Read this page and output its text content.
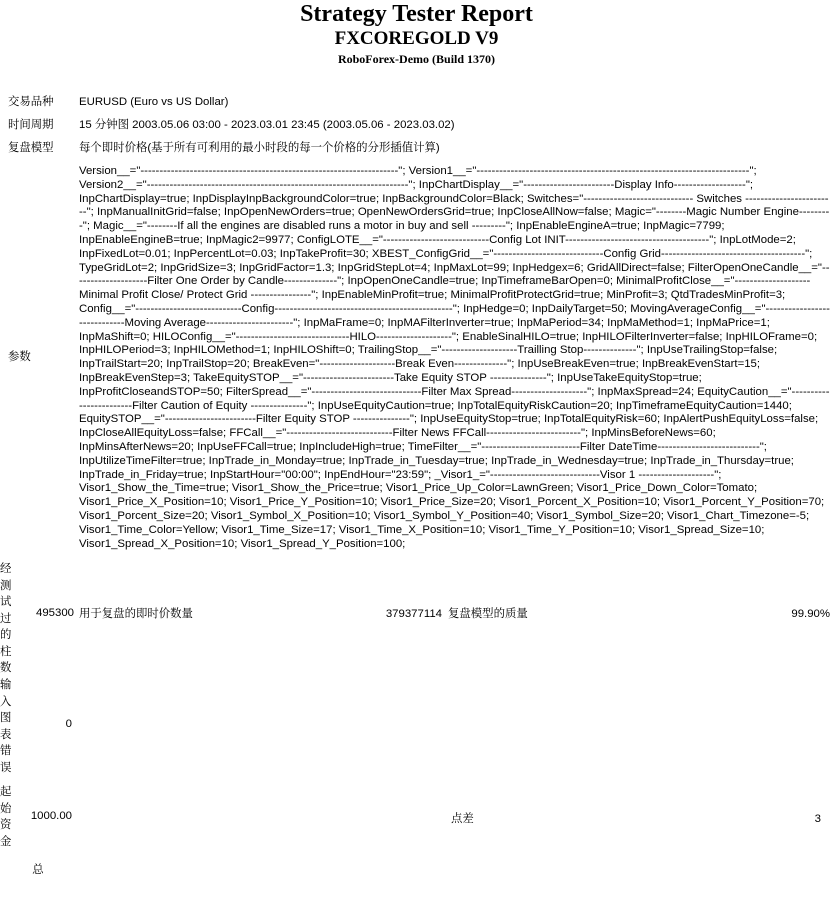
Strategy Tester Report
FXCOREGOLD V9
RoboForex-Demo (Build 1370)
交易品种	EURUSD (Euro vs US Dollar)			
时间周期	15 分钟图 2003.05.06 03:00 - 2023.03.01 23:45 (2003.05.06 - 2023.03.02)			
复盘模型	每个即时价格(基于所有可利用的最小时段的每一个价格的分形插值计算)			
参数	Version__="--------------------------------------------------------------------"; Version1__="------------------------------------------------------------------------"; Version2__="---------------------------------------------------------------------"; InpChartDisplay__="------------------------Display Info-------------------"; InpChartDisplay=true; InpDisplayInpBackgroundColor=true; InpBackgroundColor=Black; Switches="----------------------------- Switches ------------------------"; InpManualInitGrid=false; InpOpenNewOrders=true; OpenNewOrdersGrid=true; InpCloseAllNow=false; Magic="--------Magic Number Engine---------"; Magic__="--------If all the engines are disabled runs a motor in buy and sell ---------"; InpEnableEngineA=true; InpMagic=7799; InpEnableEngineB=true; InpMagic2=9977; ConfigLOTE__="----------------------------Config Lot INIT--------------------------------------"; InpLotMode=2; InpFixedLot=0.01; InpPercentLot=0.03; InpTakeProfit=30; XBEST_ConfigGrid__="-----------------------------Config Grid--------------------------------------"; TypeGridLot=2; InpGridSize=3; InpGridFactor=1.3; InpGridStepLot=4; InpMaxLot=99; InpHedgex=6; GridAllDirect=false; FilterOpenOneCandle__="--------------------Filter One Order by Candle--------------"; InpOpenOneCandle=true; InpTimeframeBarOpen=0; MinimalProfitClose__="--------------------Minimal Profit Close/ Protect Grid ----------------"; InpEnableMinProfit=true; MinimalProfitProtectGrid=true; MinProfit=3; QtdTradesMinProfit=3; Config__="----------------------------Config-----------------------------------------------"; InpHedge=0; InpDailyTarget=50; MovingAverageConfig__="-----------------------------Moving Average-----------------------"; InpMaFrame=0; InpMAFilterInverter=true; InpMaPeriod=34; InpMaMethod=1; InpMaPrice=1; InpMaShift=0; HILOConfig__="------------------------------HILO--------------------"; EnableSinalHILO=true; InpHILOFilterInverter=false; InpHILOFrame=0; InpHILOPeriod=3; InpHILOMethod=1; InpHILOShift=0; TrailingStop__="--------------------Trailling Stop--------------"; InpUseTrailingStop=false; InpTrailStart=20; InpTrailStop=20; BreakEven="--------------------Break Even--------------"; InpUseBreakEven=true; InpBreakEvenStart=15; InpBreakEvenStep=3; TakeEquitySTOP__="------------------------Take Equity STOP ---------------"; InpUseTakeEquityStop=true; InpProfitCloseandSTOP=50; FilterSpread__="-----------------------------Filter Max Spread--------------------"; InpMaxSpread=24; EquityCaution__="------------------------Filter Caution of Equity ---------------"; InpUseEquityCaution=true; InpTotalEquityRiskCaution=20; InpTimeframeEquityCaution=1440; EquitySTOP__="------------------------Filter Equity STOP ---------------"; InpUseEquityStop=true; InpTotalEquityRisk=60; InpAlertPushEquityLoss=false; InpCloseAllEquityLoss=false; FFCall__="----------------------------Filter News FFCall-------------------------"; InpMinsBeforeNews=60; InpMinsAfterNews=20; InpUseFFCall=true; InpIncludeHigh=true; TimeFilter__="--------------------------Filter DateTime---------------------------"; InpUtilizeTimeFilter=true; InpTrade_in_Monday=true; InpTrade_in_Tuesday=true; InpTrade_in_Wednesday=true; InpTrade_in_Thursday=true; InpTrade_in_Friday=true; InpStartHour="00:00"; InpEndHour="23:59"; _Visor1_="-----------------------------Visor 1 --------------------"; Visor1_Show_the_Time=true; Visor1_Show_the_Price=true; Visor1_Price_Up_Color=LawnGreen; Visor1_Price_Down_Color=Tomato; Visor1_Price_X_Position=10; Visor1_Price_Y_Position=10; Visor1_Price_Size=20; Visor1_Porcent_X_Position=10; Visor1_Porcent_Y_Position=70; Visor1_Porcent_Size=20; Visor1_Symbol_X_Position=10; Visor1_Symbol_Y_Position=40; Visor1_Symbol_Size=20; Visor1_Chart_Timezone=-5; Visor1_Time_Color=Yellow; Visor1_Time_Size=17; Visor1_Time_X_Position=10; Visor1_Time_Y_Position=10; Visor1_Spread_Size=10; Visor1_Spread_X_Position=10; Visor1_Spread_Y_Position=100;			

经测试过的柱数
495300	用于复盘的即时价数量	379377114	复盘模型的质量	99.90%

输入图表错误
0				

起始资金
1000.00			点差	3

总				
